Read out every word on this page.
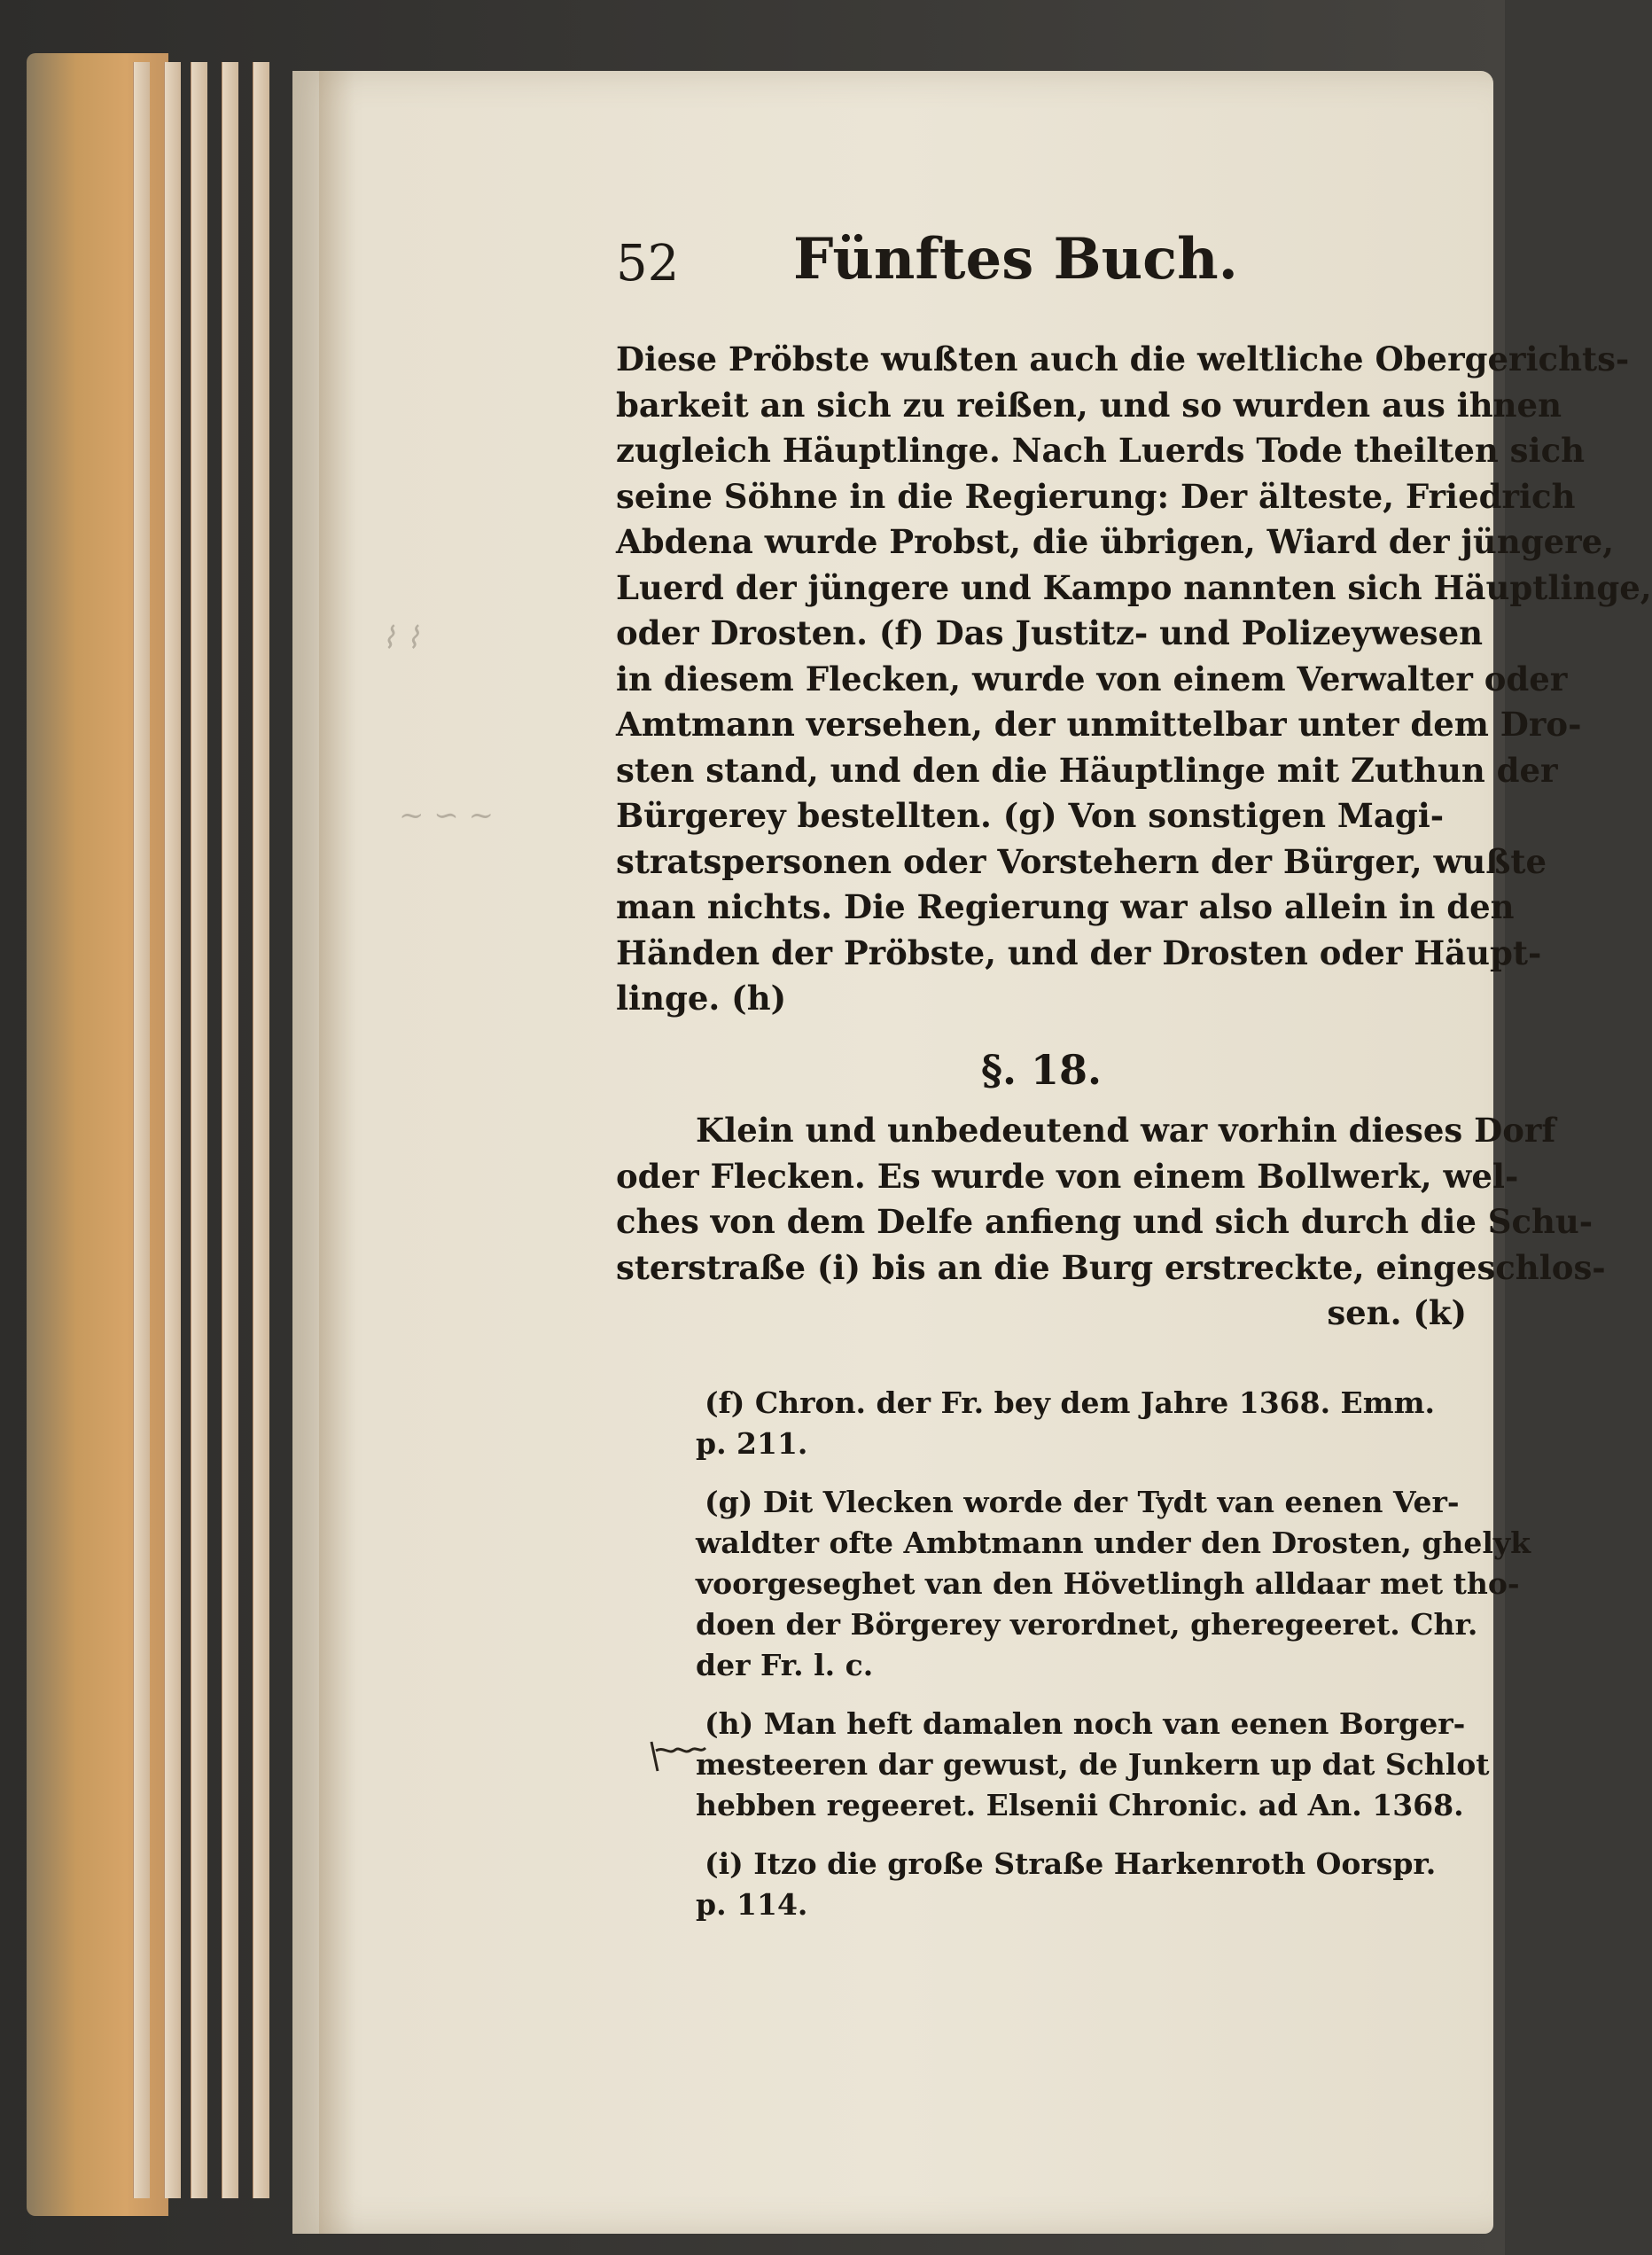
⌇ ⌇
~ ∽ ~
52 Fünftes Buch.
Diese Pröbste wußten auch die weltliche Obergerichts-
barkeit an sich zu reißen, und so wurden aus ihnen
zugleich Häuptlinge. Nach Luerds Tode theilten sich
seine Söhne in die Regierung: Der älteste, Friedrich
Abdena wurde Probst, die übrigen, Wiard der jüngere,
Luerd der jüngere und Kampo nannten sich Häuptlinge,
oder Drosten. (f) Das Justitz- und Polizeywesen
in diesem Flecken, wurde von einem Verwalter oder
Amtmann versehen, der unmittelbar unter dem Dro-
sten stand, und den die Häuptlinge mit Zuthun der
Bürgerey bestellten. (g) Von sonstigen Magi-
stratspersonen oder Vorstehern der Bürger, wußte
man nichts. Die Regierung war also allein in den
Händen der Pröbste, und der Drosten oder Häupt-
linge. (h)
§. 18.
Klein und unbedeutend war vorhin dieses Dorf
oder Flecken. Es wurde von einem Bollwerk, wel-
ches von dem Delfe anfieng und sich durch die Schu-
sterstraße (i) bis an die Burg erstreckte, eingeschlos-
sen. (k)
(f) Chron. der Fr. bey dem Jahre 1368. Emm.
p. 211.
(g) Dit Vlecken worde der Tydt van eenen Ver-
waldter ofte Ambtmann under den Drosten, ghelyk
voorgeseghet van den Hövetlingh alldaar met tho-
doen der Börgerey verordnet, gheregeeret. Chr.
der Fr. l. c.
(h) Man heft damalen noch van eenen Borger-
mesteeren dar gewust, de Junkern up dat Schlot
hebben regeeret. Elsenii Chronic. ad An. 1368.
(i) Itzo die große Straße Harkenroth Oorspr.
p. 114.
